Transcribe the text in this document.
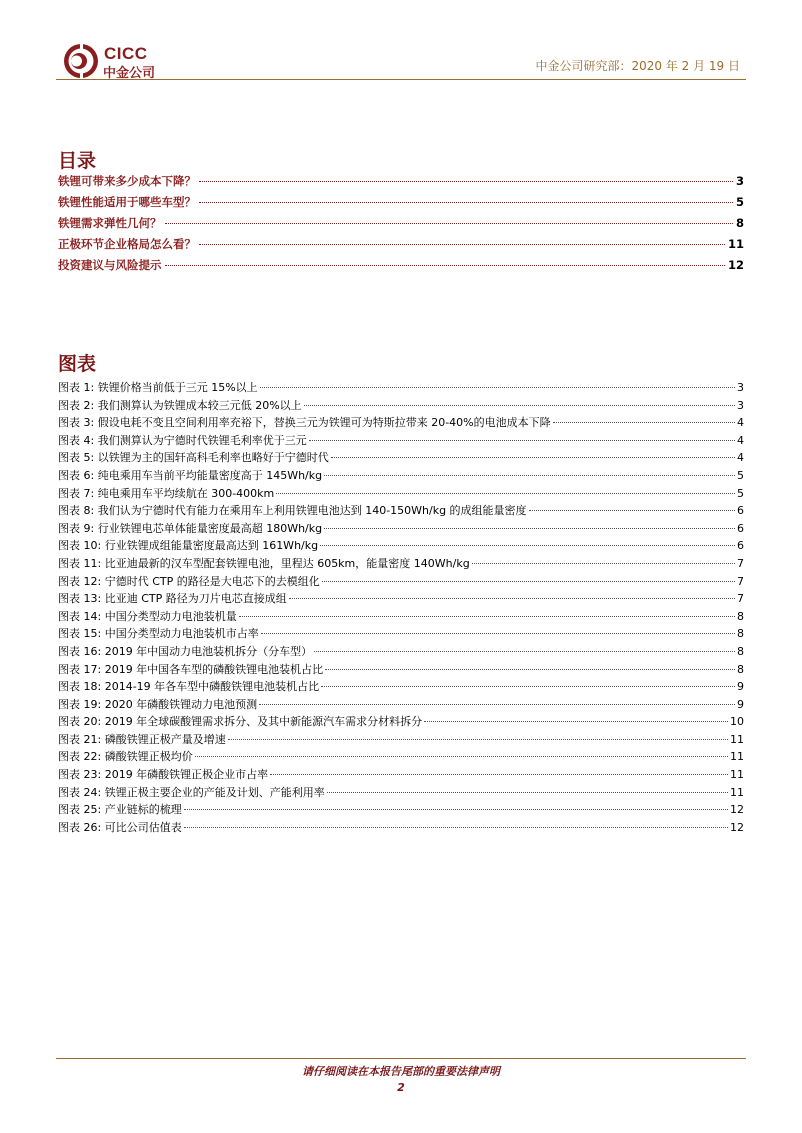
CICC
中金公司	中金公司研究部：2020 年 2 月 19 日
目录
铁锂可带来多少成本下降？	3
铁锂性能适用于哪些车型？	5
铁锂需求弹性几何？	8
正极环节企业格局怎么看？	11
投资建议与风险提示	12
图表
图表 1: 铁锂价格当前低于三元 15%以上	3
图表 2: 我们测算认为铁锂成本较三元低 20%以上	3
图表 3: 假设电耗不变且空间利用率充裕下，替换三元为铁锂可为特斯拉带来 20-40%的电池成本下降	4
图表 4: 我们测算认为宁德时代铁锂毛利率优于三元	4
图表 5: 以铁锂为主的国轩高科毛利率也略好于宁德时代	4
图表 6: 纯电乘用车当前平均能量密度高于 145Wh/kg	5
图表 7: 纯电乘用车平均续航在 300-400km	5
图表 8: 我们认为宁德时代有能力在乘用车上利用铁锂电池达到 140-150Wh/kg 的成组能量密度	6
图表 9: 行业铁锂电芯单体能量密度最高超 180Wh/kg	6
图表 10: 行业铁锂成组能量密度最高达到 161Wh/kg	6
图表 11: 比亚迪最新的汉车型配套铁锂电池，里程达 605km，能量密度 140Wh/kg	7
图表 12: 宁德时代 CTP 的路径是大电芯下的去模组化	7
图表 13: 比亚迪 CTP 路径为刀片电芯直接成组	7
图表 14: 中国分类型动力电池装机量	8
图表 15: 中国分类型动力电池装机市占率	8
图表 16: 2019 年中国动力电池装机拆分（分车型）	8
图表 17: 2019 年中国各车型的磷酸铁锂电池装机占比	8
图表 18: 2014-19 年各车型中磷酸铁锂电池装机占比	9
图表 19: 2020 年磷酸铁锂动力电池预测	9
图表 20: 2019 年全球碳酸锂需求拆分、及其中新能源汽车需求分材料拆分	10
图表 21: 磷酸铁锂正极产量及增速	11
图表 22: 磷酸铁锂正极均价	11
图表 23: 2019 年磷酸铁锂正极企业市占率	11
图表 24: 铁锂正极主要企业的产能及计划、产能利用率	11
图表 25: 产业链标的梳理	12
图表 26: 可比公司估值表	12
请仔细阅读在本报告尾部的重要法律声明
2
